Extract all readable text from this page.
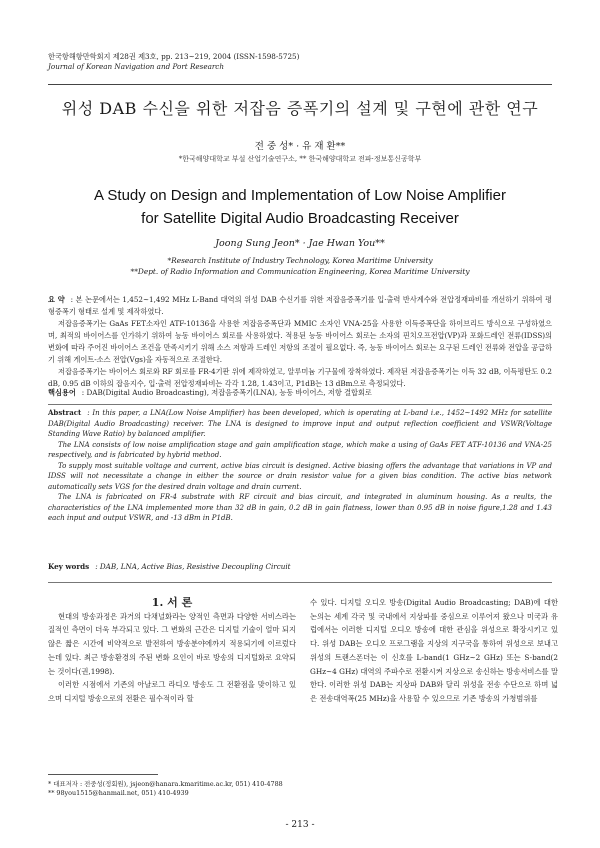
한국항해항만학회지 제28권 제3호, pp. 213~219, 2004 (ISSN-1598-5725)
Journal of Korean Navigation and Port Research
위성 DAB 수신을 위한 저잡음 증폭기의 설계 및 구현에 관한 연구
전 중 성* · 유 재 환**
*한국해양대학교 부설 산업기술연구소, ** 한국해양대학교 전파·정보통신공학부
A Study on Design and Implementation of Low Noise Amplifier
for Satellite Digital Audio Broadcasting Receiver
Joong Sung Jeon* · Jae Hwan You**
*Research Institute of Industry Technology, Korea Maritime University
**Dept. of Radio Information and Communication Engineering, Korea Maritime University

요 약 : 본 논문에서는 1,452~1,492 MHz L-Band 대역의 위성 DAB 수신기를 위한 저잡음증폭기를 입·출력 반사계수와 전압정재파비를 개선하기 위하여 평형증폭기 형태로 설계 및 제작하였다.

저잡음증폭기는 GaAs FET소자인 ATF-10136을 사용한 저잡음증폭단과 MMIC 소자인 VNA-25을 사용한 이득증폭단을 하이브리드 방식으로 구성하였으며, 최적의 바이어스를 인가하기 위하여 능동 바이어스 회로를 사용하였다. 적용된 능동 바이어스 회로는 소자의 핀치오프전압(VP)과 포화드레인 전류(IDSS)의 변화에 따라 주어진 바이어스 조건을 만족시키기 위해 소스 저항과 드레인 저항의 조절이 필요없다. 즉, 능동 바이어스 회로는 요구된 드레인 전류와 전압을 공급하기 위해 게이트-소스 전압(Vgs)을 자동적으로 조절한다.

저잡음증폭기는 바이어스 회로와 RF 회로를 FR-4기판 위에 제작하였고, 알루미늄 기구물에 장착하였다. 제작된 저잡음증폭기는 이득 32 dB, 이득평탄도 0.2 dB, 0.95 dB 이하의 잡음지수, 입·출력 전압정재파비는 각각 1.28, 1.43이고, P1dB는 13 dBm으로 측정되었다.

핵심용어 : DAB(Digital Audio Broadcasting), 저잡음증폭기(LNA), 능동 바이어스, 저항 결합회로

Abstract : In this paper, a LNA(Low Noise Amplifier) has been developed, which is operating at L-band i.e., 1452~1492 MHz for satellite DAB(Digital Audio Broadcasting) receiver. The LNA is designed to improve input and output reflection coefficient and VSWR(Voltage Standing Wave Ratio) by balanced amplifier.

The LNA consists of low noise amplification stage and gain amplification stage, which make a using of GaAs FET ATF-10136 and VNA-25 respectively, and is fabricated by hybrid method.

To supply most suitable voltage and current, active bias circuit is designed. Active biasing offers the advantage that variations in VP and IDSS will not necessitate a change in either the source or drain resistor value for a given bias condition. The active bias network automatically sets VGS for the desired drain voltage and drain current.

The LNA is fabricated on FR-4 substrate with RF circuit and bias circuit, and integrated in aluminum housing. As a reults, the characteristics of the LNA implemented more than 32 dB in gain, 0.2 dB in gain flatness, lower than 0.95 dB in noise figure,1.28 and 1.43 each input and output VSWR, and -13 dBm in P1dB.

Key words : DAB, LNA, Active Bias, Resistive Decoupling Circuit

1. 서 론

현대의 방송과정은 과거의 다채널화라는 양적인 측면과 다양한 서비스라는 질적인 측면이 더욱 부각되고 있다. 그 변화의 근간은 디지털 기술이 얼마 되지 않은 짧은 시간에 비약적으로 발전하여 방송분야에까지 적용되기에 이르렀다는데 있다. 최근 방송환경의 주된 변화 요인이 바로 방송의 디지털화로 요약되는 것이다(권,1998).

이러한 시점에서 기존의 아날로그 라디오 방송도 그 전환점을 맞이하고 있으며 디지털 방송으로의 전환은 필수적이라 할

수 있다. 디지털 오디오 방송(Digital Audio Broadcasting; DAB)에 대한 논의는 세계 각국 및 국내에서 지상파를 중심으로 이루어져 왔으나 미국과 유럽에서는 이러한 디지털 오디오 방송에 대한 관심을 위성으로 확장시키고 있다. 위성 DAB는 오디오 프로그램을 지상의 지구국을 통하여 위성으로 보내고 위성의 트랜스폰더는 이 신호를 L-band(1 GHz~2 GHz) 또는 S-band(2 GHz~4 GHz) 대역의 주파수로 전환시켜 지상으로 송신하는 방송서비스를 말한다. 이러한 위성 DAB는 지상파 DAB와 달리 위성을 전송 수단으로 하며 넓은 전송대역폭(25 MHz)을 사용할 수 있으므로 기존 방송의 가청범위를

* 대표저자 : 전중성(정회원), jsjeon@hanara.kmaritime.ac.kr, 051) 410-4788
** 98you1515@hanmail.net, 051) 410-4939
- 213 -
